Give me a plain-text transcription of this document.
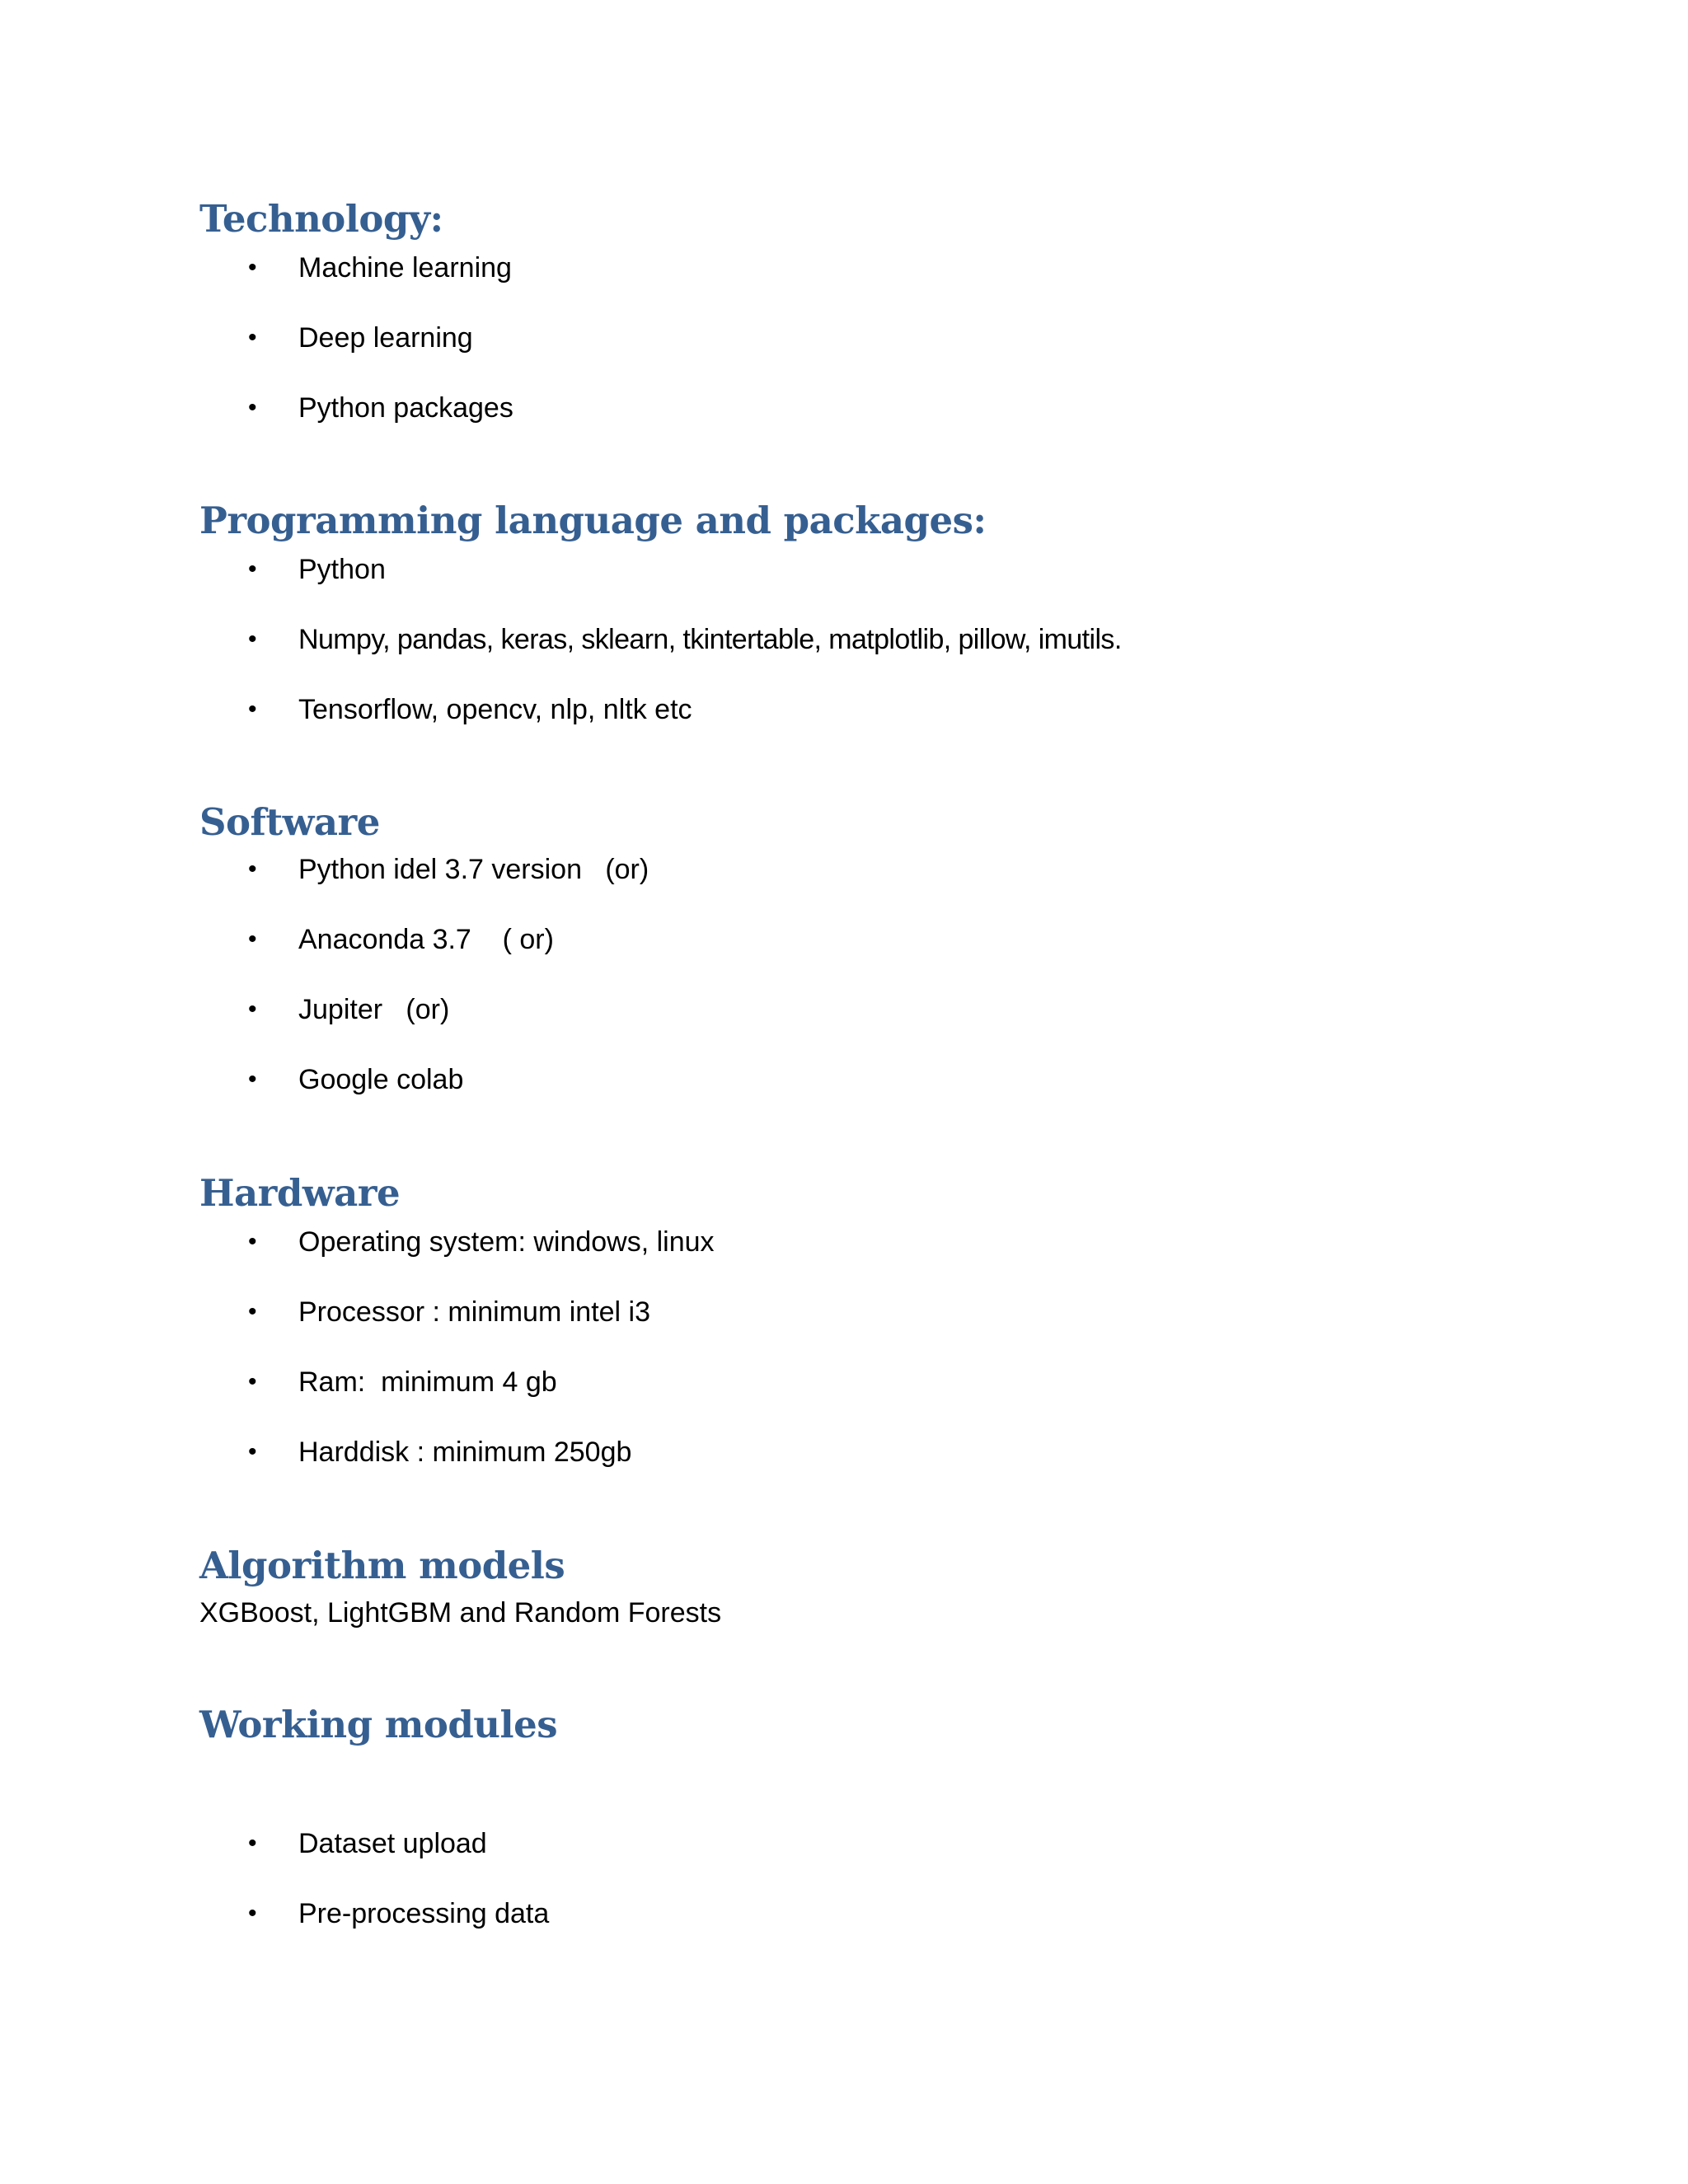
Technology:
• Machine learning
• Deep learning
• Python packages
Programming language and packages:
• Python
• Numpy, pandas, keras, sklearn, tkintertable, matplotlib, pillow, imutils.
• Tensorflow, opencv, nlp, nltk etc
Software
• Python idel 3.7 version   (or)
• Anaconda 3.7    ( or)
• Jupiter   (or)
• Google colab
Hardware
• Operating system: windows, linux
• Processor : minimum intel i3
• Ram:  minimum 4 gb
• Harddisk : minimum 250gb
Algorithm models

XGBoost, LightGBM and Random Forests

Working modules
• Dataset upload
• Pre-processing data
